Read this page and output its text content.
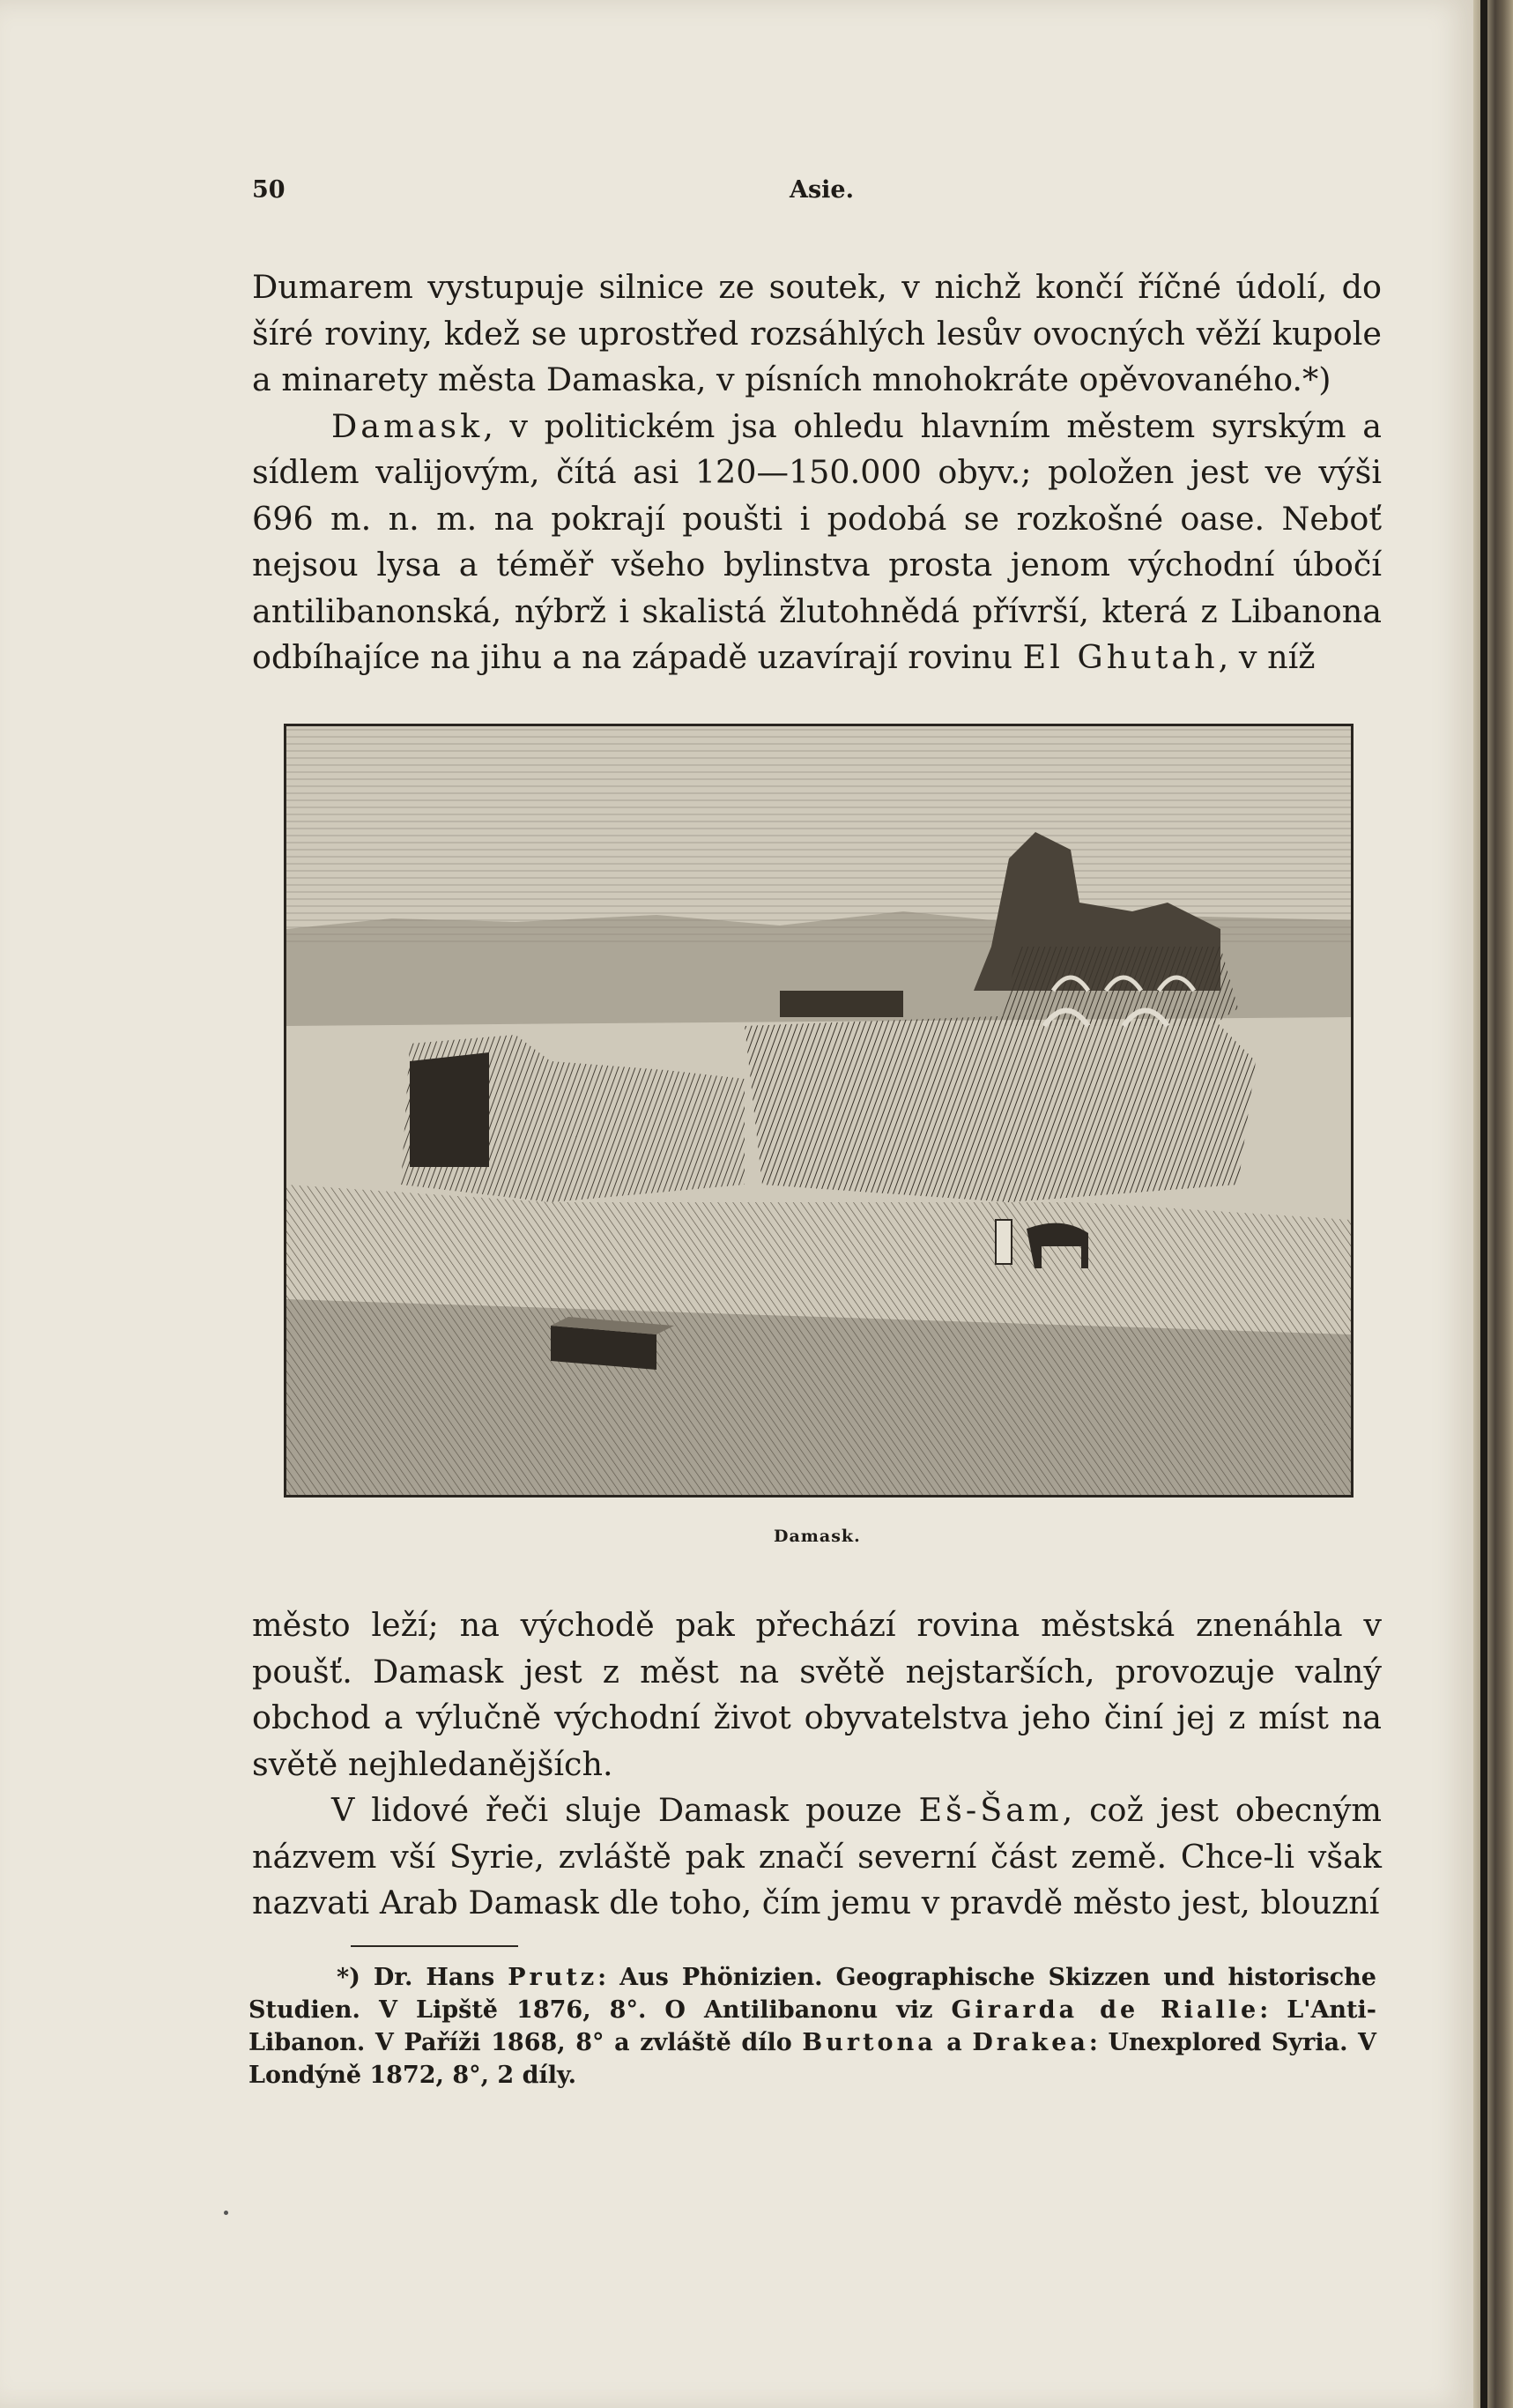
50	Asie.

Dumarem vystupuje silnice ze soutek, v nichž končí říčné údolí, do šíré roviny, kdež se uprostřed rozsáhlých lesův ovocných věží kupole a minarety města Damaska, v písních mnohokráte opěvovaného.*)

Damask, v politickém jsa ohledu hlavním městem syrským a sídlem valijovým, čítá asi 120—150.000 obyv.; položen jest ve výši 696 m. n. m. na pokrají poušti i podobá se rozkošné oase. Neboť nejsou lysa a téměř všeho bylinstva prosta jenom východní úbočí antilibanonská, nýbrž i skalistá žlutohnědá přívrší, která z Libanona odbíhajíce na jihu a na západě uzavírají rovinu El Ghutah, v níž

Damask.

město leží; na východě pak přechází rovina městská znenáhla v poušť. Damask jest z měst na světě nejstarších, provozuje valný obchod a výlučně východní život obyvatelstva jeho činí jej z míst na světě nejhledanějších.

V lidové řeči sluje Damask pouze Eš-Šam, což jest obecným názvem vší Syrie, zvláště pak značí severní část země. Chce-li však nazvati Arab Damask dle toho, čím jemu v pravdě město jest, blouzní

*) Dr. Hans Prutz: Aus Phönizien. Geographische Skizzen und historische Studien. V Lipště 1876, 8°. O Antilibanonu viz Girarda de Rialle: L'Anti-Libanon. V Paříži 1868, 8° a zvláště dílo Burtona a Drakea: Unexplored Syria. V Londýně 1872, 8°, 2 díly.
